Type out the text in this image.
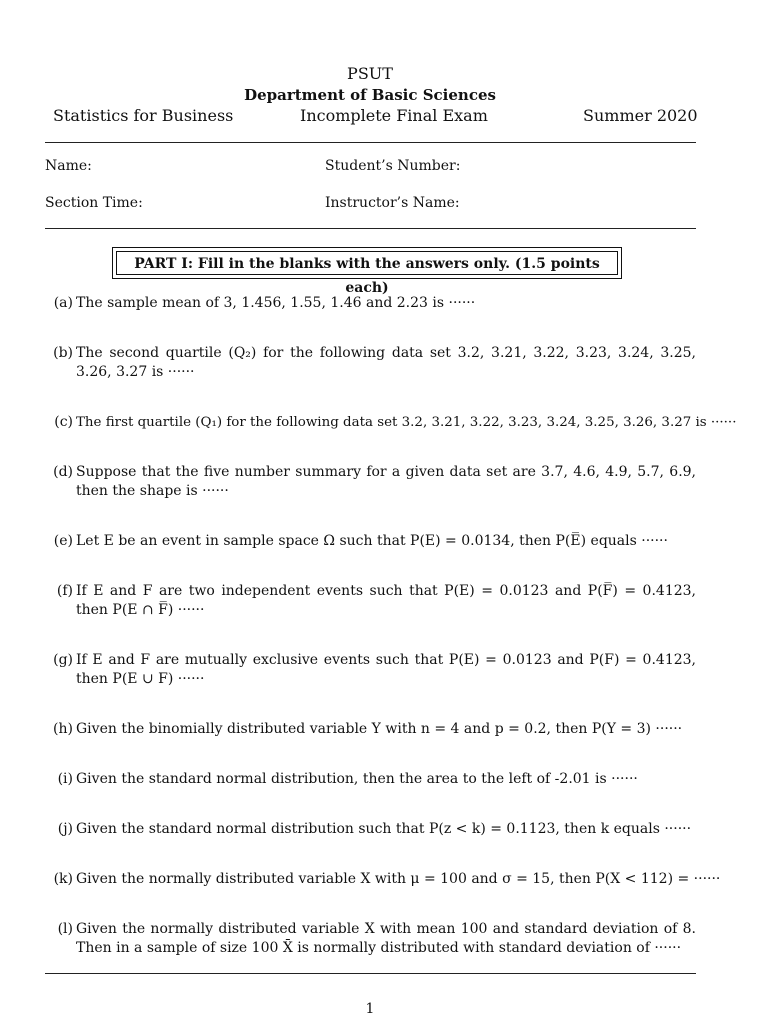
PSUT
Department of Basic Sciences
Statistics for Business	Incomplete Final Exam	Summer 2020
Name:	Student’s Number:
Section Time:	Instructor’s Name:
PART I: Fill in the blanks with the answers only. (1.5 points each)
(a) The sample mean of 3, 1.456, 1.55, 1.46 and 2.23 is ······
(b) The second quartile (Q₂) for the following data set 3.2, 3.21, 3.22, 3.23, 3.24, 3.25, 3.26, 3.27 is ······
(c) The first quartile (Q₁) for the following data set 3.2, 3.21, 3.22, 3.23, 3.24, 3.25, 3.26, 3.27 is ······
(d) Suppose that the five number summary for a given data set are 3.7, 4.6, 4.9, 5.7, 6.9, then the shape is ······
(e) Let E be an event in sample space Ω such that P(E) = 0.0134, then P(E̅) equals ······
(f) If E and F are two independent events such that P(E) = 0.0123 and P(F̅) = 0.4123, then P(E ∩ F̅) ······
(g) If E and F are mutually exclusive events such that P(E) = 0.0123 and P(F) = 0.4123, then P(E ∪ F) ······
(h) Given the binomially distributed variable Y with n = 4 and p = 0.2, then P(Y = 3) ······
(i) Given the standard normal distribution, then the area to the left of -2.01 is ······
(j) Given the standard normal distribution such that P(z < k) = 0.1123, then k equals ······
(k) Given the normally distributed variable X with μ = 100 and σ = 15, then P(X < 112) = ······
(l) Given the normally distributed variable X with mean 100 and standard deviation of 8. Then in a sample of size 100 X̄ is normally distributed with standard deviation of ······
1
